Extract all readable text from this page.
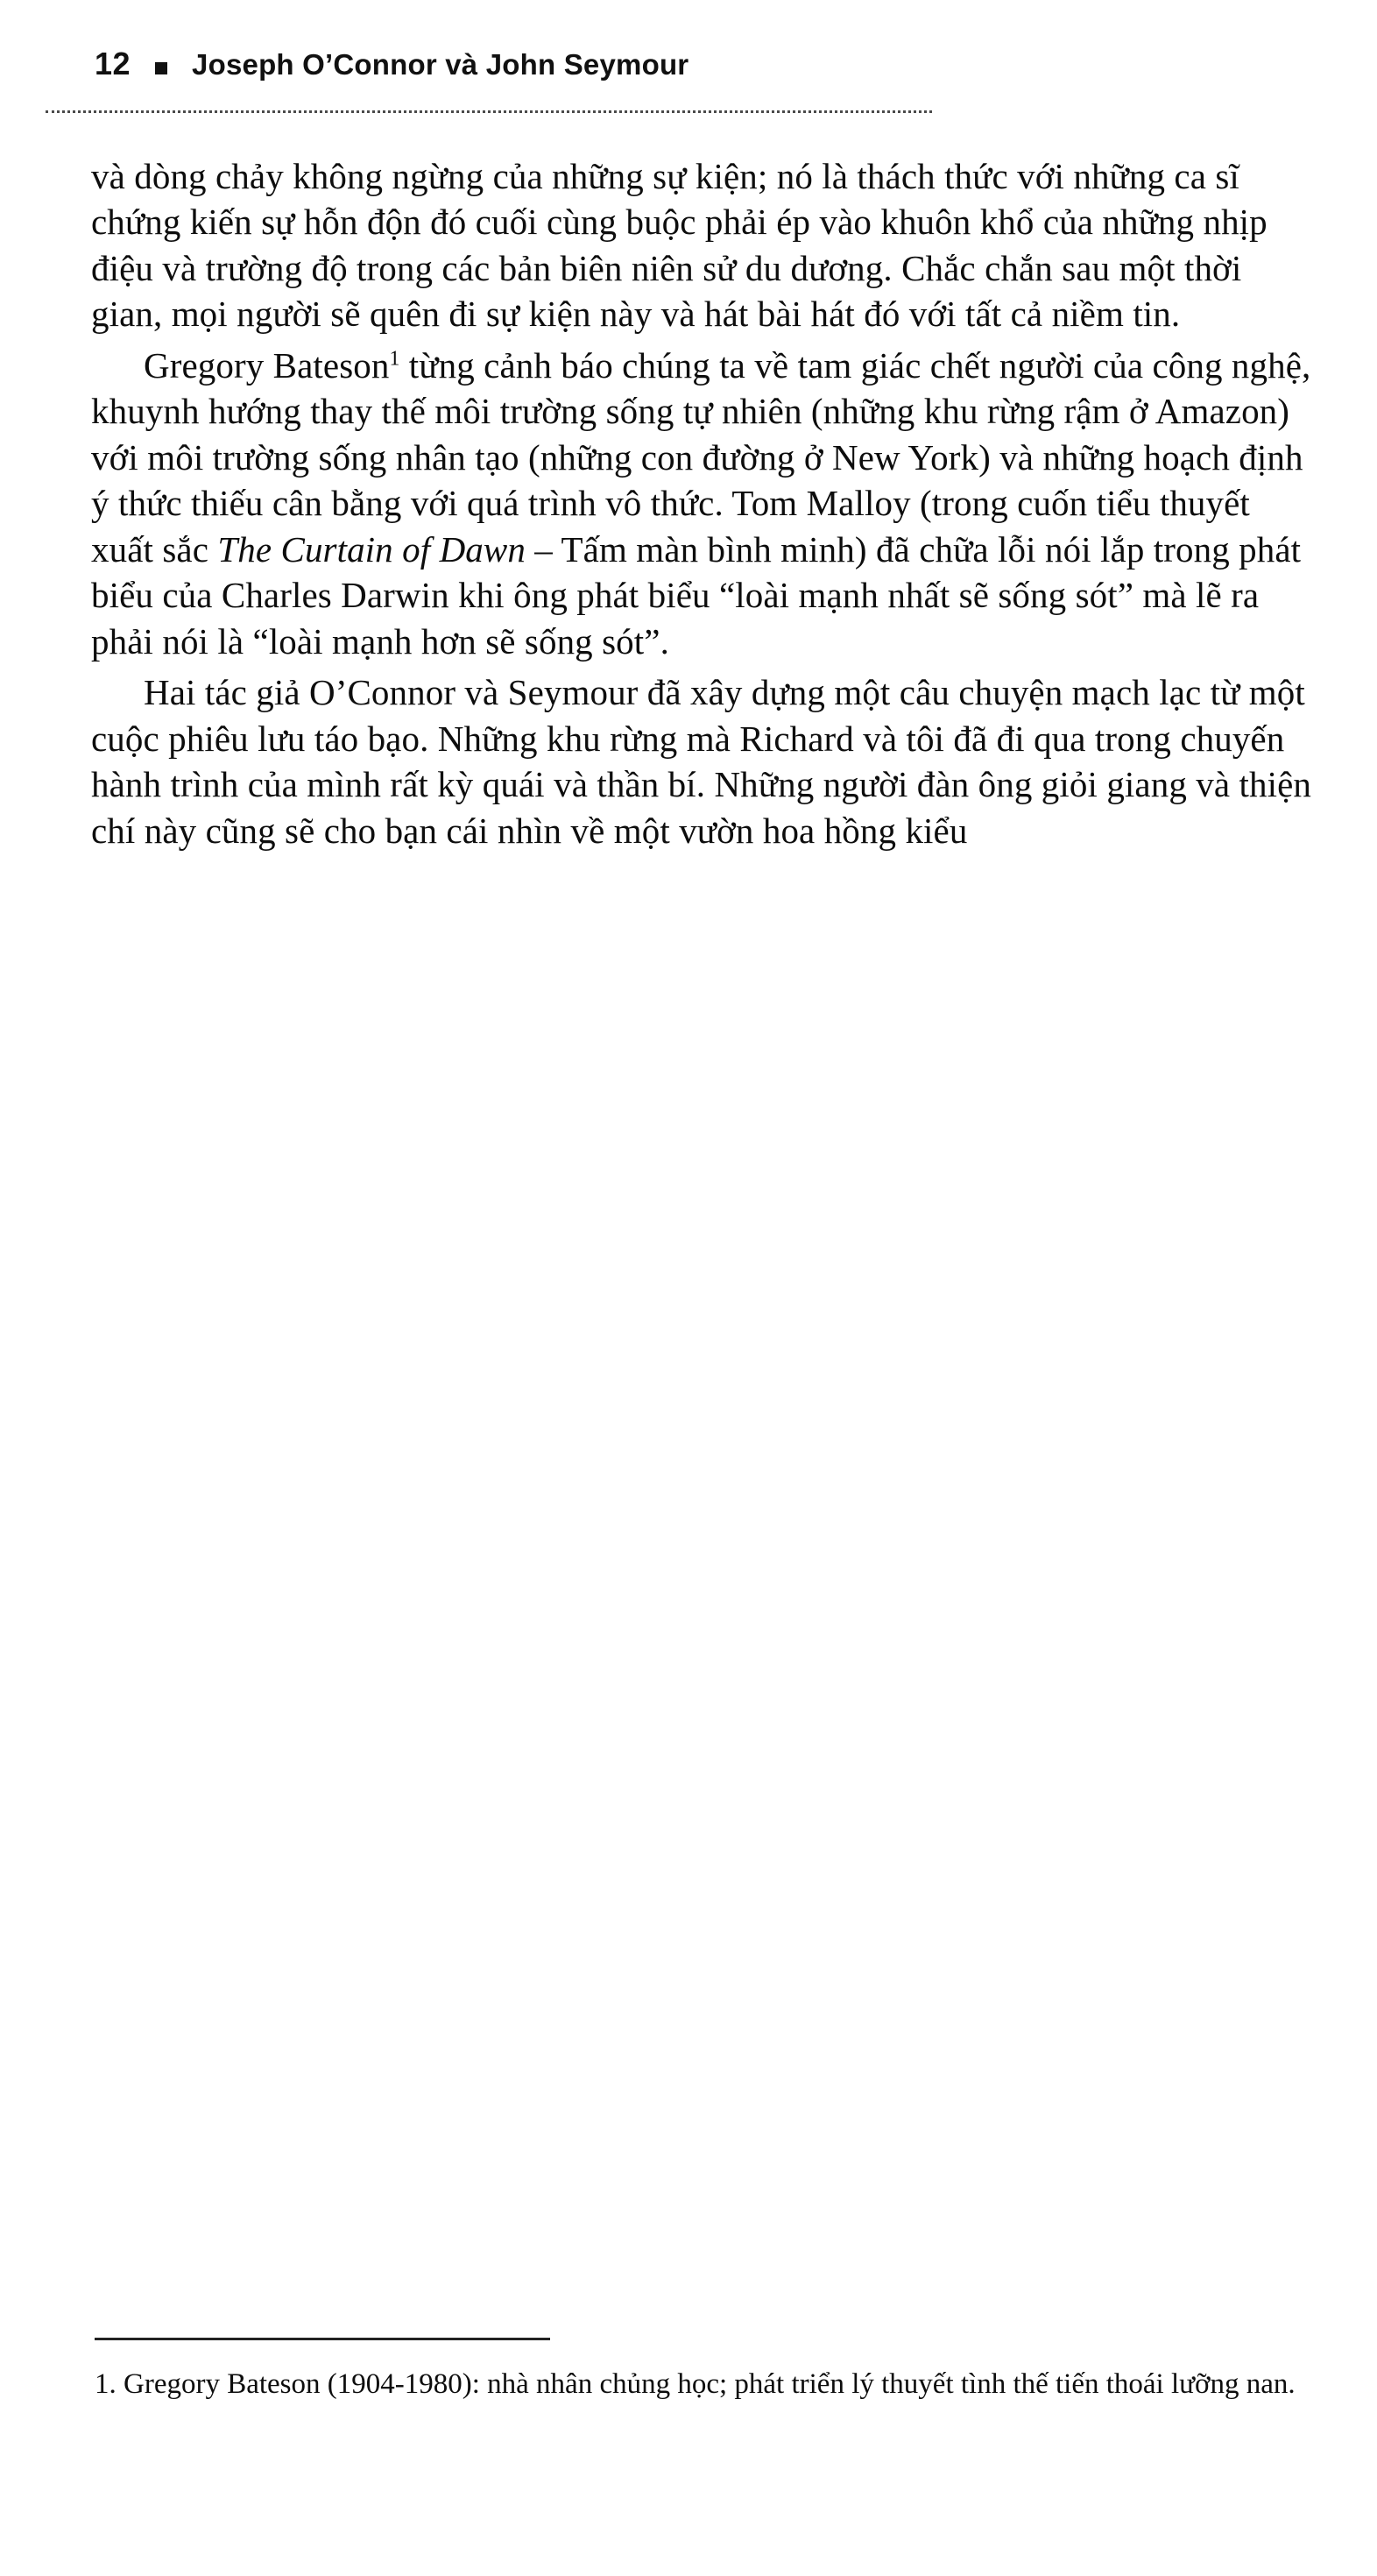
12 Joseph O’Connor và John Seymour

và dòng chảy không ngừng của những sự kiện; nó là thách thức với những ca sĩ chứng kiến sự hỗn độn đó cuối cùng buộc phải ép vào khuôn khổ của những nhịp điệu và trường độ trong các bản biên niên sử du dương. Chắc chắn sau một thời gian, mọi người sẽ quên đi sự kiện này và hát bài hát đó với tất cả niềm tin.

Gregory Bateson$^1$ từng cảnh báo chúng ta về tam giác chết người của công nghệ, khuynh hướng thay thế môi trường sống tự nhiên (những khu rừng rậm ở Amazon) với môi trường sống nhân tạo (những con đường ở New York) và những hoạch định ý thức thiếu cân bằng với quá trình vô thức. Tom Malloy (trong cuốn tiểu thuyết xuất sắc The Curtain of Dawn – Tấm màn bình minh) đã chữa lỗi nói lắp trong phát biểu của Charles Darwin khi ông phát biểu “loài mạnh nhất sẽ sống sót” mà lẽ ra phải nói là “loài mạnh hơn sẽ sống sót”.

Hai tác giả O’Connor và Seymour đã xây dựng một câu chuyện mạch lạc từ một cuộc phiêu lưu táo bạo. Những khu rừng mà Richard và tôi đã đi qua trong chuyến hành trình của mình rất kỳ quái và thần bí. Những người đàn ông giỏi giang và thiện chí này cũng sẽ cho bạn cái nhìn về một vườn hoa hồng kiểu

1. Gregory Bateson (1904-1980): nhà nhân chủng học; phát triển lý thuyết tình thế tiến thoái lưỡng nan.
